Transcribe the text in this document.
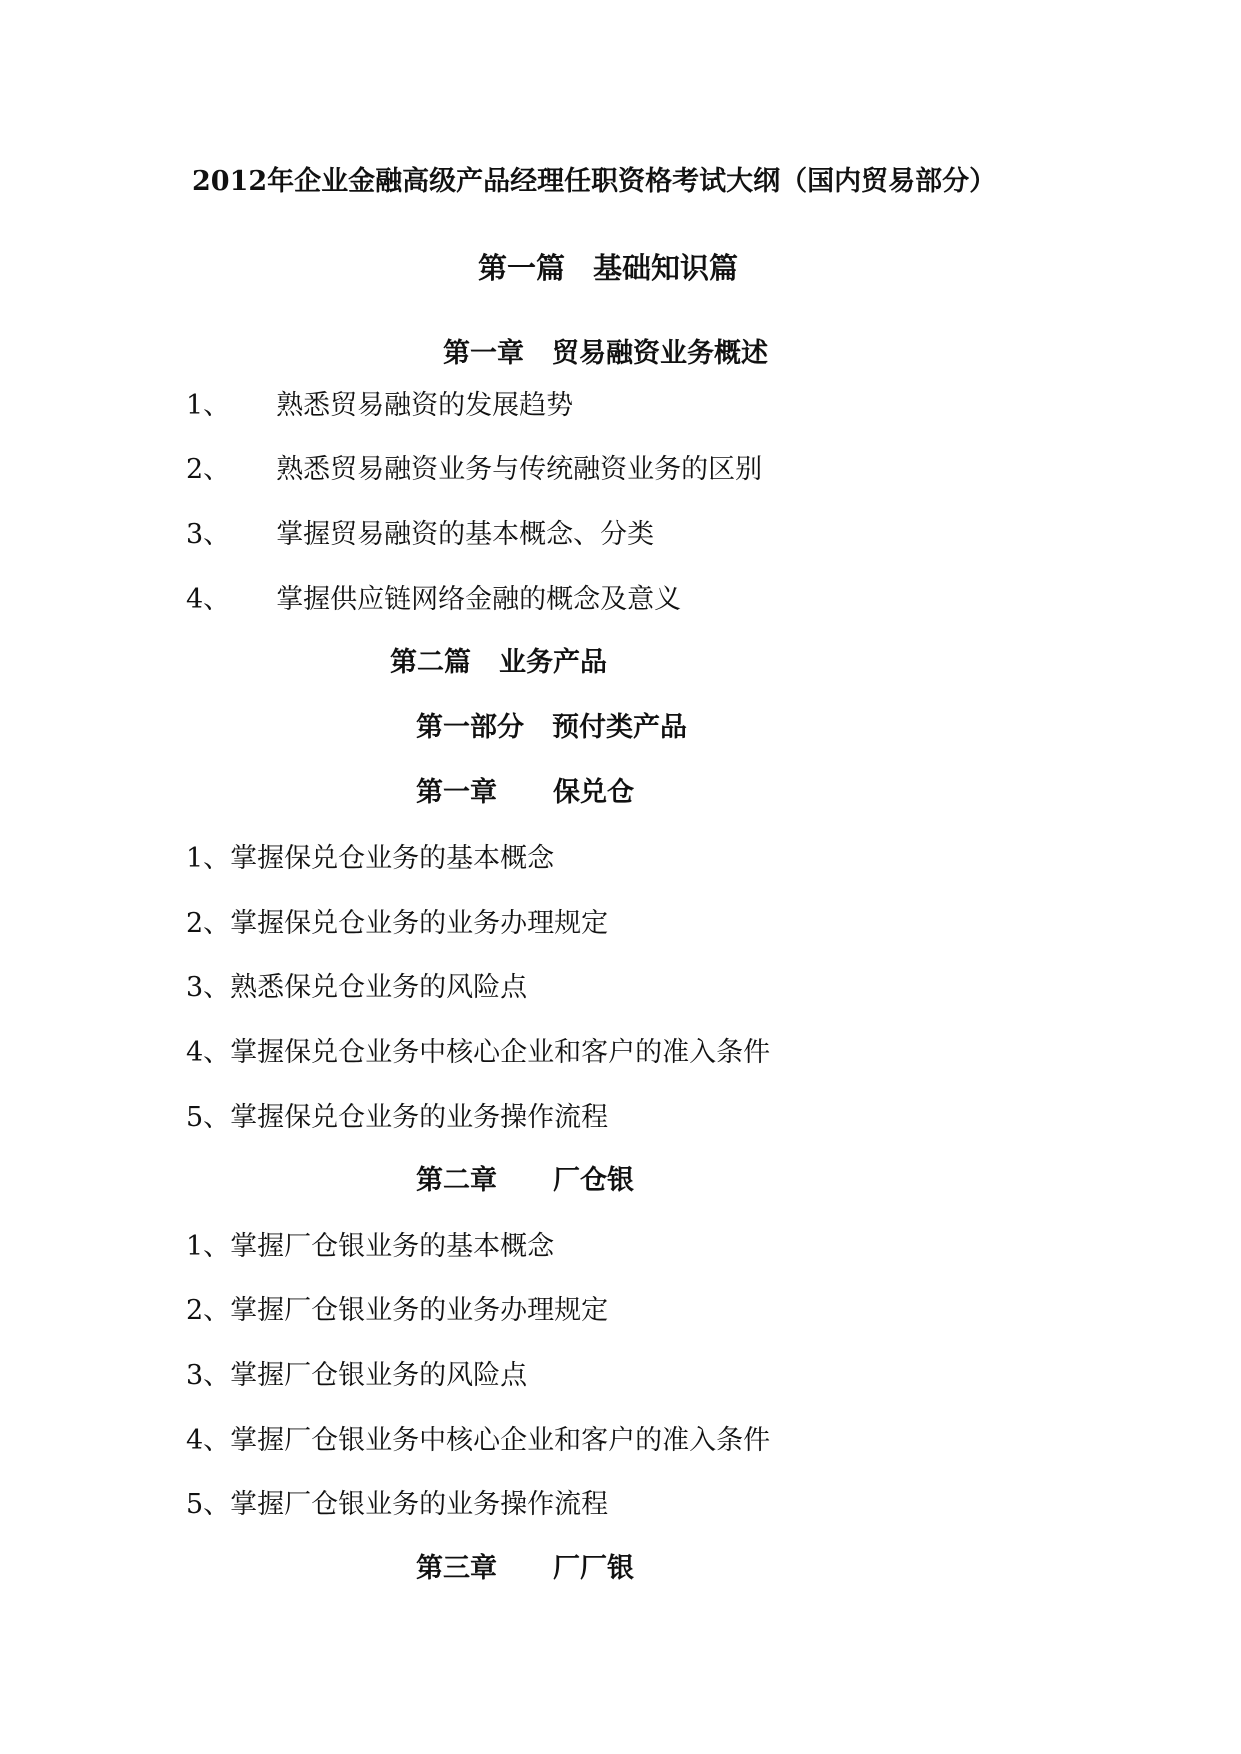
2012年企业金融高级产品经理任职资格考试大纲（国内贸易部分）
第一篇 基础知识篇
第一章 贸易融资业务概述
1、 熟悉贸易融资的发展趋势
2、 熟悉贸易融资业务与传统融资业务的区别
3、 掌握贸易融资的基本概念、分类
4、 掌握供应链网络金融的概念及意义
第二篇 业务产品
第一部分 预付类产品
第一章 保兑仓
1、掌握保兑仓业务的基本概念
2、掌握保兑仓业务的业务办理规定
3、熟悉保兑仓业务的风险点
4、掌握保兑仓业务中核心企业和客户的准入条件
5、掌握保兑仓业务的业务操作流程
第二章 厂仓银
1、掌握厂仓银业务的基本概念
2、掌握厂仓银业务的业务办理规定
3、掌握厂仓银业务的风险点
4、掌握厂仓银业务中核心企业和客户的准入条件
5、掌握厂仓银业务的业务操作流程
第三章 厂厂银
